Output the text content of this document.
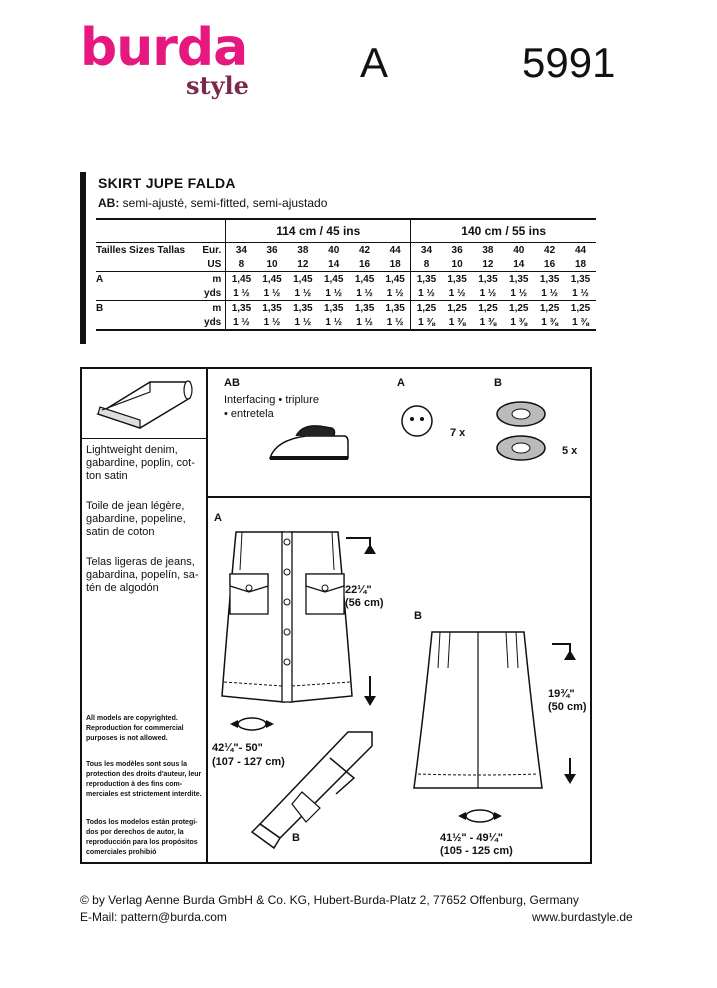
burda
style	A	5991
SKIRT JUPE FALDA
AB: semi-ajusté, semi-fitted, semi-ajustado
		114 cm / 45 ins						140 cm / 55 ins					
Tailles Sizes Tallas	Eur.	34	36	38	40	42	44	34	36	38	40	42	44
	US	8	10	12	14	16	18	8	10	12	14	16	18
A	m	1,45	1,45	1,45	1,45	1,45	1,45	1,35	1,35	1,35	1,35	1,35	1,35
	yds	1 ½	1 ½	1 ½	1 ½	1 ½	1 ½	1 ½	1 ½	1 ½	1 ½	1 ½	1 ½
B	m	1,35	1,35	1,35	1,35	1,35	1,35	1,25	1,25	1,25	1,25	1,25	1,25
	yds	1 ½	1 ½	1 ½	1 ½	1 ½	1 ½	1 ⅜	1 ⅜	1 ⅜	1 ⅜	1 ⅜	1 ⅜
Lightweight denim, gabardine, poplin, cot-ton satin
Toile de jean légère, gabardine, popeline, satin de coton
Telas ligeras de jeans, gabardina, popelín, sa-tén de algodón
All models are copyrighted. Reproduction for commercial purposes is not allowed.
Tous les modèles sont sous la protection des droits d'auteur, leur reproduction à des fins com-merciales est strictement interdite.
Todos los modelos están protegi-dos por derechos de autor, la reproducción para los propósitos comerciales prohibió
AB
Interfacing • triplure
• entretela
A
7 x
B
5 x
A
22¼"
(56 cm)
42¼"- 50"
(107 - 127 cm)
B
B
19¾"
(50 cm)
41½" - 49¼"
(105 - 125 cm)
© by Verlag Aenne Burda GmbH & Co. KG, Hubert-Burda-Platz 2, 77652 Offenburg, Germany
E-Mail: pattern@burda.com	www.burdastyle.de
